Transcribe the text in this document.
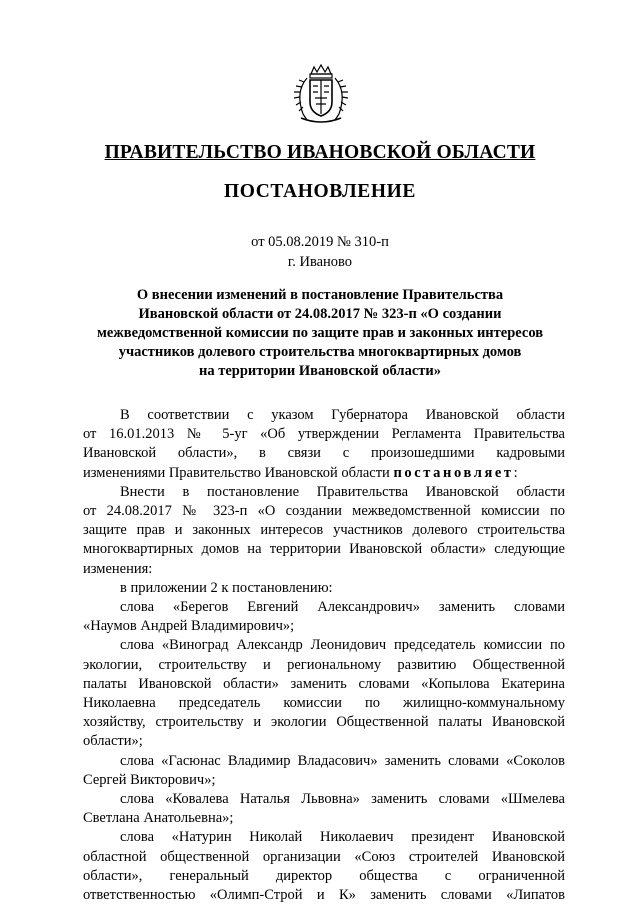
ПРАВИТЕЛЬСТВО ИВАНОВСКОЙ ОБЛАСТИ
ПОСТАНОВЛЕНИЕ
от 05.08.2019 № 310-п
г. Иваново
О внесении изменений в постановление Правительства
Ивановской области от 24.08.2017 № 323-п «О создании
межведомственной комиссии по защите прав и законных интересов
участников долевого строительства многоквартирных домов
на территории Ивановской области»
В соответствии с указом Губернатора Ивановской области
от 16.01.2013 № 5-уг «Об утверждении Регламента Правительства
Ивановской области», в связи с произошедшими кадровыми
изменениями Правительство Ивановской области постановляет:
Внести в постановление Правительства Ивановской области
от 24.08.2017 № 323-п «О создании межведомственной комиссии по
защите прав и законных интересов участников долевого строительства
многоквартирных домов на территории Ивановской области» следующие
изменения:
в приложении 2 к постановлению:
слова «Берегов Евгений Александрович» заменить словами
«Наумов Андрей Владимирович»;
слова «Виноград Александр Леонидович председатель комиссии по
экологии, строительству и региональному развитию Общественной
палаты Ивановской области» заменить словами «Копылова Екатерина
Николаевна председатель комиссии по жилищно-коммунальному
хозяйству, строительству и экологии Общественной палаты Ивановской
области»;
слова «Гасюнас Владимир Владасович» заменить словами «Соколов
Сергей Викторович»;
слова «Ковалева Наталья Львовна» заменить словами «Шмелева
Светлана Анатольевна»;
слова «Натурин Николай Николаевич президент Ивановской
областной общественной организации «Союз строителей Ивановской
области», генеральный директор общества с ограниченной
ответственностью «Олимп-Строй и К» заменить словами «Липатов
